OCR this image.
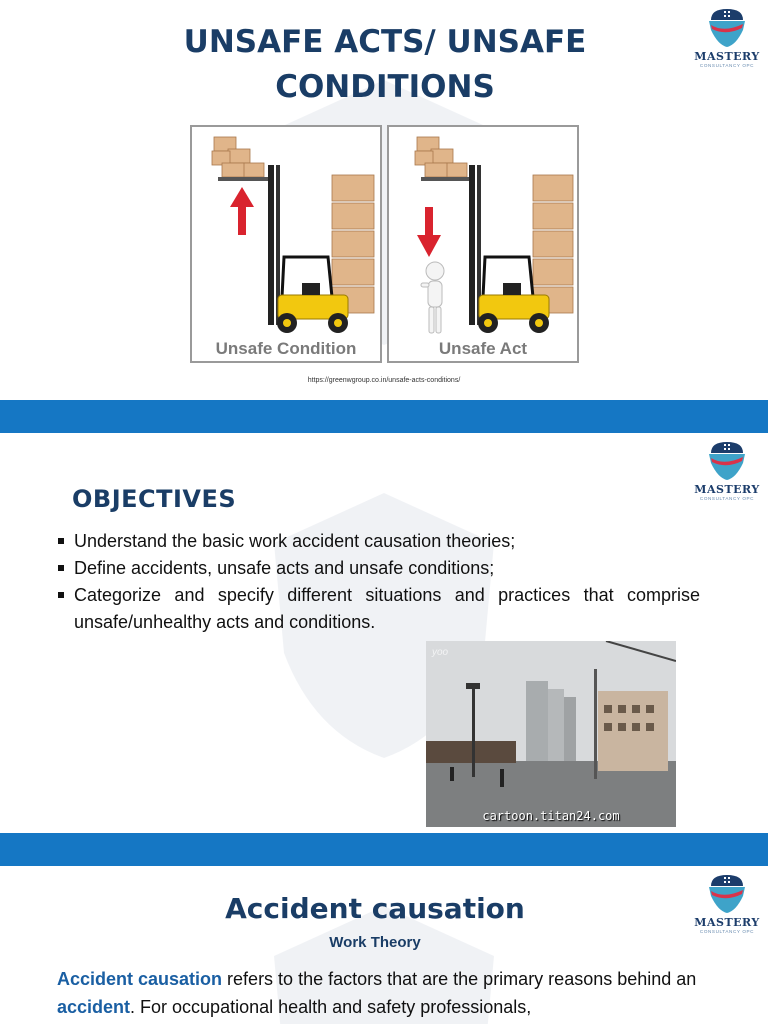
UNSAFE ACTS/ UNSAFE
CONDITIONS
MASTERY
CONSULTANCY OPC
Unsafe Condition	Unsafe Act
https://greenwgroup.co.in/unsafe-acts-conditions/
MASTERY
CONSULTANCY OPC
OBJECTIVES
Understand the basic work accident causation theories;
Define accidents, unsafe acts and unsafe conditions;
Categorize and specify different situations and practices that comprise unsafe/unhealthy acts and conditions.
yoo
cartoon.titan24.com
MASTERY
CONSULTANCY OPC
Accident causation
Work Theory
Accident causation refers to the factors that are the primary reasons behind an accident. For occupational health and safety professionals,
